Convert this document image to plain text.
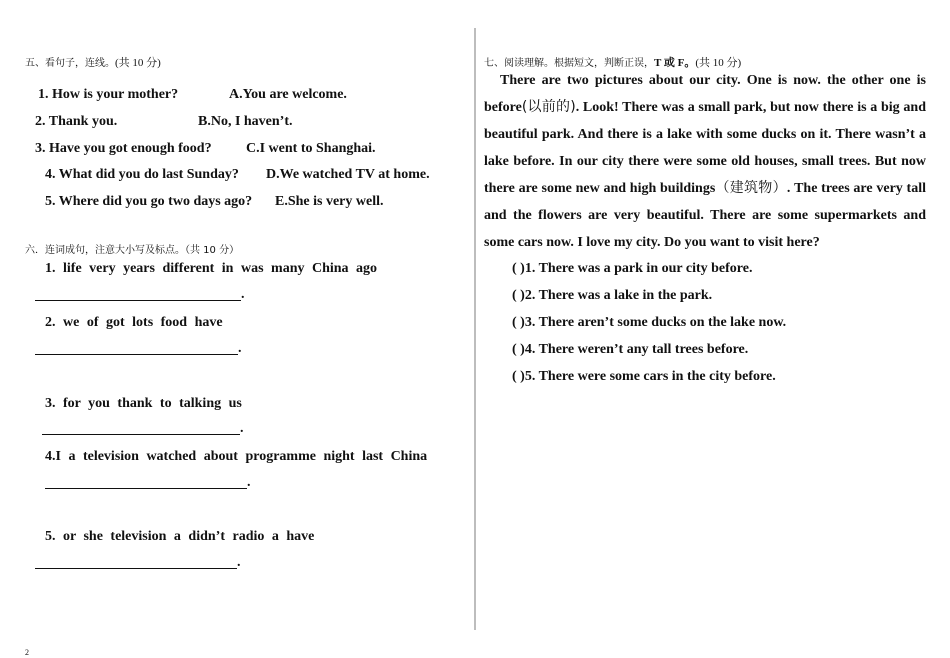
五、看句子，连线。(共 10 分)
1. How is your mother?
2. Thank you.
3. Have you got enough food?
4. What did you do last Sunday?
5. Where did you go two days ago?
A.You are welcome.
B.No, I haven’t.
C.I went to Shanghai.
D.We watched TV at home.
E.She is very well.
六．连词成句，注意大小写及标点。（共 10 分）
1. life very years different in was many China ago
.
2. we of got lots food have
.
3. for you thank to talking us
.
4.I a television watched about programme night last China
.
5. or she television a didn’t radio a have
.
七、阅读理解。根据短文，判断正误，T 或 F。(共 10 分)
There are two pictures about our city. One is now. the other one is before(以前的). Look! There was a small park, but now there is a big and beautiful park. And there is a lake with some ducks on it. There wasn’t a lake before. In our city there were some old houses, small trees. But now there are some new and high buildings（建筑物）. The trees are very tall and the flowers are very beautiful. There are some supermarkets and some cars now. I love my city. Do you want to visit here?
( )1. There was a park in our city before.
( )2. There was a lake in the park.
( )3. There aren’t some ducks on the lake now.
( )4. There weren’t any tall trees before.
( )5. There were some cars in the city before.
2
